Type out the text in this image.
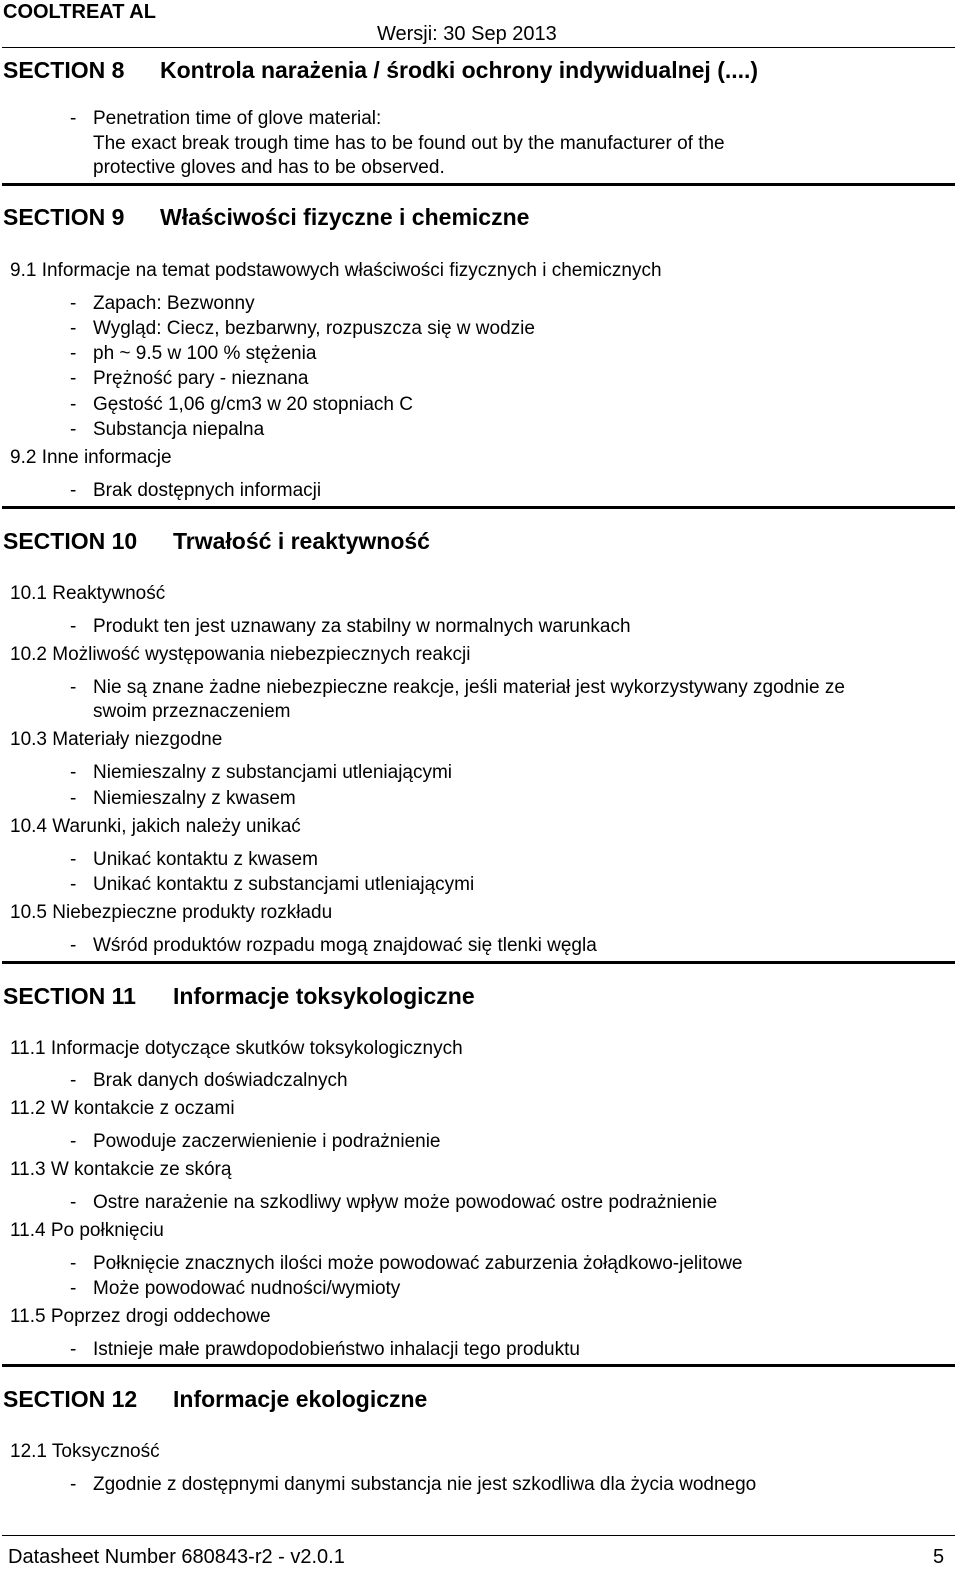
COOLTREAT AL
Wersji: 30 Sep 2013
SECTION 8 Kontrola narażenia / środki ochrony indywidualnej (....)
- Penetration time of glove material:
The exact break trough time has to be found out by the manufacturer of the
protective gloves and has to be observed.
SECTION 9 Właściwości fizyczne i chemiczne
9.1 Informacje na temat podstawowych właściwości fizycznych i chemicznych
- Zapach: Bezwonny
- Wygląd: Ciecz, bezbarwny, rozpuszcza się w wodzie
- ph ~ 9.5 w 100 % stężenia
- Prężność pary - nieznana
- Gęstość 1,06 g/cm3 w 20 stopniach C
- Substancja niepalna
9.2 Inne informacje
- Brak dostępnych informacji
SECTION 10 Trwałość i reaktywność
10.1 Reaktywność
- Produkt ten jest uznawany za stabilny w normalnych warunkach
10.2 Możliwość występowania niebezpiecznych reakcji
- Nie są znane żadne niebezpieczne reakcje, jeśli materiał jest wykorzystywany zgodnie ze
swoim przeznaczeniem
10.3 Materiały niezgodne
- Niemieszalny z substancjami utleniającymi
- Niemieszalny z kwasem
10.4 Warunki, jakich należy unikać
- Unikać kontaktu z kwasem
- Unikać kontaktu z substancjami utleniającymi
10.5 Niebezpieczne produkty rozkładu
- Wśród produktów rozpadu mogą znajdować się tlenki węgla
SECTION 11 Informacje toksykologiczne
11.1 Informacje dotyczące skutków toksykologicznych
- Brak danych doświadczalnych
11.2 W kontakcie z oczami
- Powoduje zaczerwienienie i podrażnienie
11.3 W kontakcie ze skórą
- Ostre narażenie na szkodliwy wpływ może powodować ostre podrażnienie
11.4 Po połknięciu
- Połknięcie znacznych ilości może powodować zaburzenia żołądkowo-jelitowe
- Może powodować nudności/wymioty
11.5 Poprzez drogi oddechowe
- Istnieje małe prawdopodobieństwo inhalacji tego produktu
SECTION 12 Informacje ekologiczne
12.1 Toksyczność
- Zgodnie z dostępnymi danymi substancja nie jest szkodliwa dla życia wodnego
Datasheet Number 680843-r2 - v2.0.1	5
